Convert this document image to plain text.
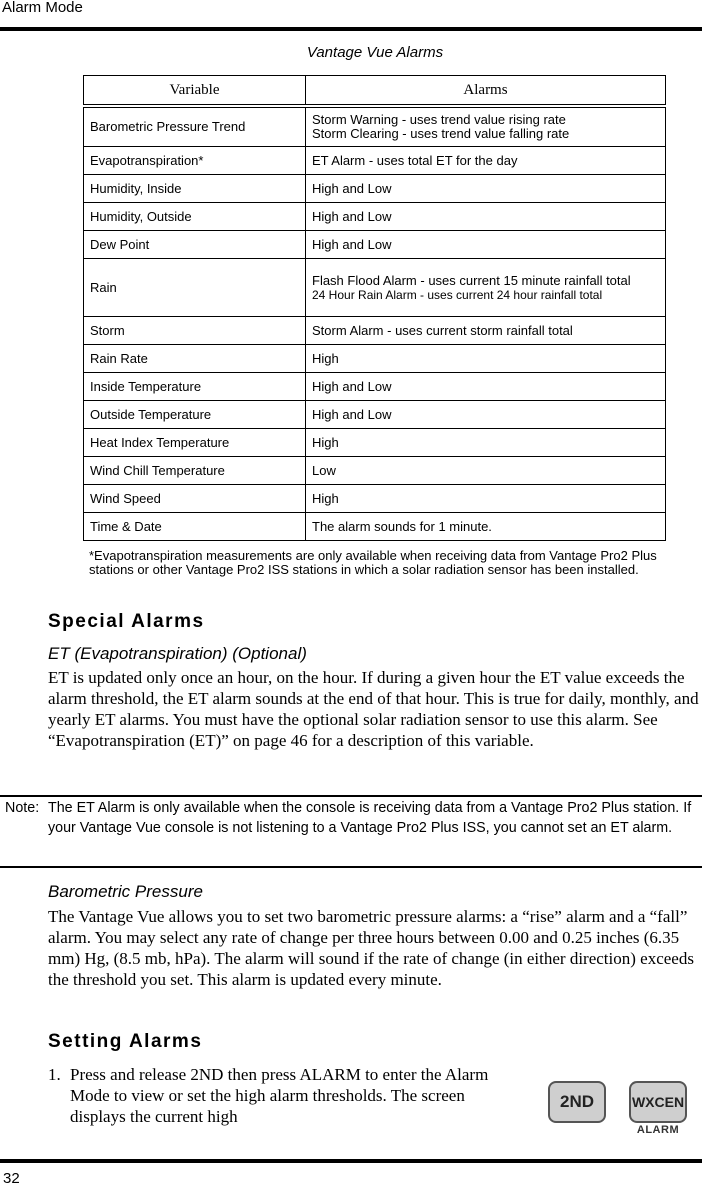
Alarm Mode
Vantage Vue Alarms
Variable	Alarms

Barometric Pressure Trend	Storm Warning - uses trend value rising rate
Storm Clearing - uses trend value falling rate

Evapotranspiration*	ET Alarm - uses total ET for the day
Humidity, Inside	High and Low
Humidity, Outside	High and Low
Dew Point	High and Low
Rain	Flash Flood Alarm - uses current 15 minute rainfall total
24 Hour Rain Alarm - uses current 24 hour rainfall total

Storm	Storm Alarm - uses current storm rainfall total
Rain Rate	High
Inside Temperature	High and Low
Outside Temperature	High and Low
Heat Index Temperature	High
Wind Chill Temperature	Low
Wind Speed	High
Time & Date	The alarm sounds for 1 minute.
*Evapotranspiration measurements are only available when receiving data from Vantage Pro2 Plus stations or other Vantage Pro2 ISS stations in which a solar radiation sensor has been installed.
Special Alarms
ET (Evapotranspiration) (Optional)
ET is updated only once an hour, on the hour. If during a given hour the ET value exceeds the alarm threshold, the ET alarm sounds at the end of that hour. This is true for daily, monthly, and yearly ET alarms. You must have the optional solar radiation sensor to use this alarm. See “Evapotranspiration (ET)” on page 46 for a description of this variable.
Note: The ET Alarm is only available when the console is receiving data from a Vantage Pro2 Plus station. If your Vantage Vue console is not listening to a Vantage Pro2 Plus ISS, you cannot set an ET alarm.
Barometric Pressure
The Vantage Vue allows you to set two barometric pressure alarms: a “rise” alarm and a “fall” alarm. You may select any rate of change per three hours between 0.00 and 0.25 inches (6.35 mm) Hg, (8.5 mb, hPa). The alarm will sound if the rate of change (in either direction) exceeds the threshold you set. This alarm is updated every minute.
Setting Alarms
1. Press and release 2ND then press ALARM to enter the Alarm Mode to view or set the high alarm thresholds. The screen displays the current high
2ND	WXCEN
ALARM
32
